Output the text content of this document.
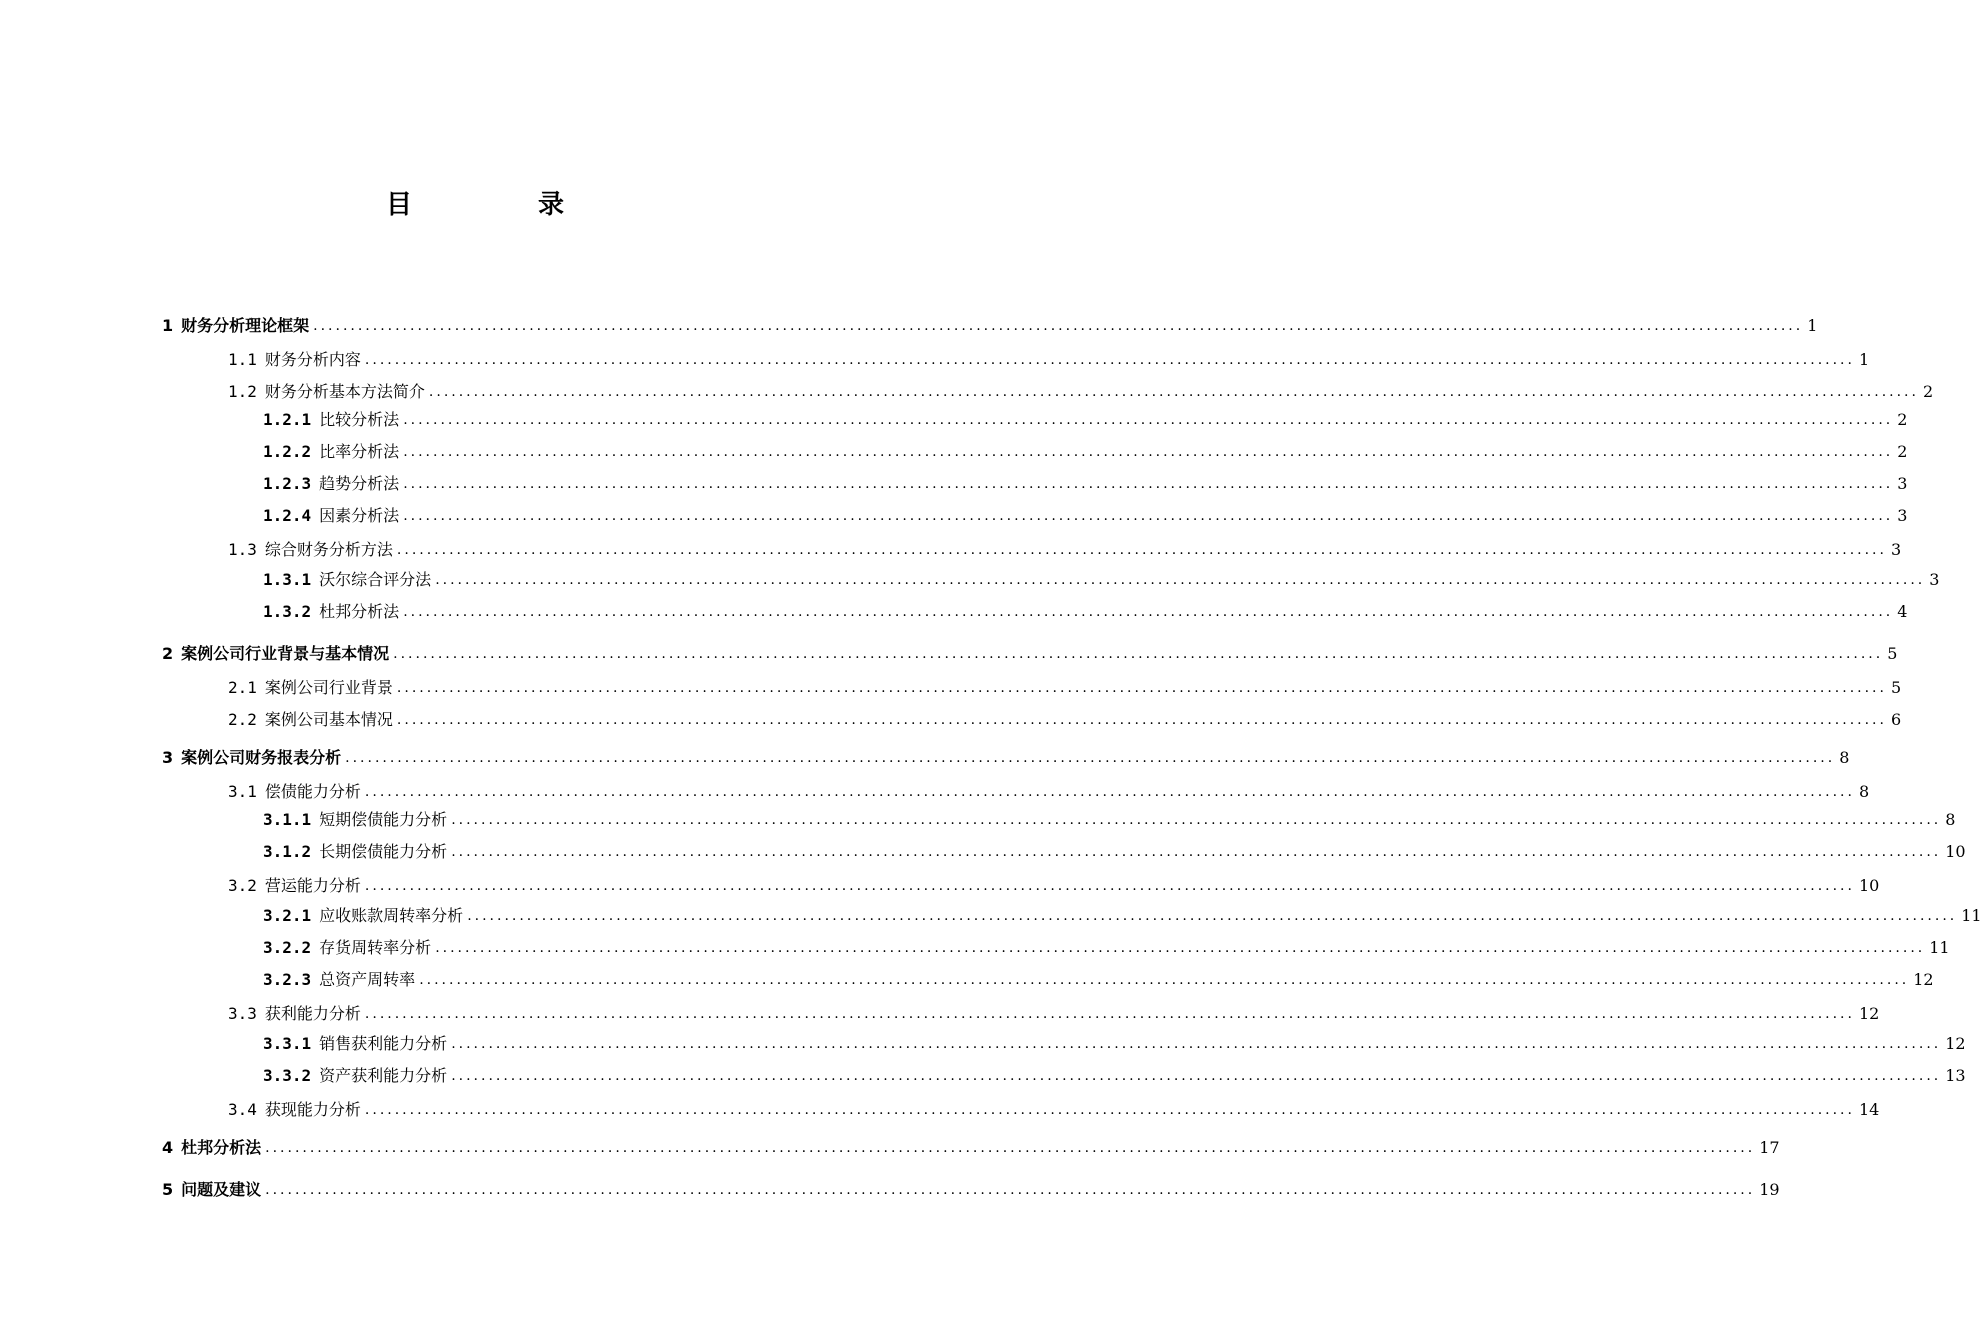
目　录
1 财务分析理论框架 ........................................................................................................................................................................................................ 1
1.1 财务分析内容 ........................................................................................................................................................................................................ 1
1.2 财务分析基本方法简介 ........................................................................................................................................................................................................ 2
1.2.1 比较分析法 ........................................................................................................................................................................................................ 2
1.2.2 比率分析法 ........................................................................................................................................................................................................ 2
1.2.3 趋势分析法 ........................................................................................................................................................................................................ 3
1.2.4 因素分析法 ........................................................................................................................................................................................................ 3
1.3 综合财务分析方法 ........................................................................................................................................................................................................ 3
1.3.1 沃尔综合评分法 ........................................................................................................................................................................................................ 3
1.3.2 杜邦分析法 ........................................................................................................................................................................................................ 4
2 案例公司行业背景与基本情况 ........................................................................................................................................................................................................ 5
2.1 案例公司行业背景 ........................................................................................................................................................................................................ 5
2.2 案例公司基本情况 ........................................................................................................................................................................................................ 6
3 案例公司财务报表分析 ........................................................................................................................................................................................................ 8
3.1 偿债能力分析 ........................................................................................................................................................................................................ 8
3.1.1 短期偿债能力分析 ........................................................................................................................................................................................................ 8
3.1.2 长期偿债能力分析 ........................................................................................................................................................................................................ 10
3.2 营运能力分析 ........................................................................................................................................................................................................ 10
3.2.1 应收账款周转率分析 ........................................................................................................................................................................................................ 11
3.2.2 存货周转率分析 ........................................................................................................................................................................................................ 11
3.2.3 总资产周转率 ........................................................................................................................................................................................................ 12
3.3 获利能力分析 ........................................................................................................................................................................................................ 12
3.3.1 销售获利能力分析 ........................................................................................................................................................................................................ 12
3.3.2 资产获利能力分析 ........................................................................................................................................................................................................ 13
3.4 获现能力分析 ........................................................................................................................................................................................................ 14
4 杜邦分析法 ........................................................................................................................................................................................................ 17
5 问题及建议 ........................................................................................................................................................................................................ 19
